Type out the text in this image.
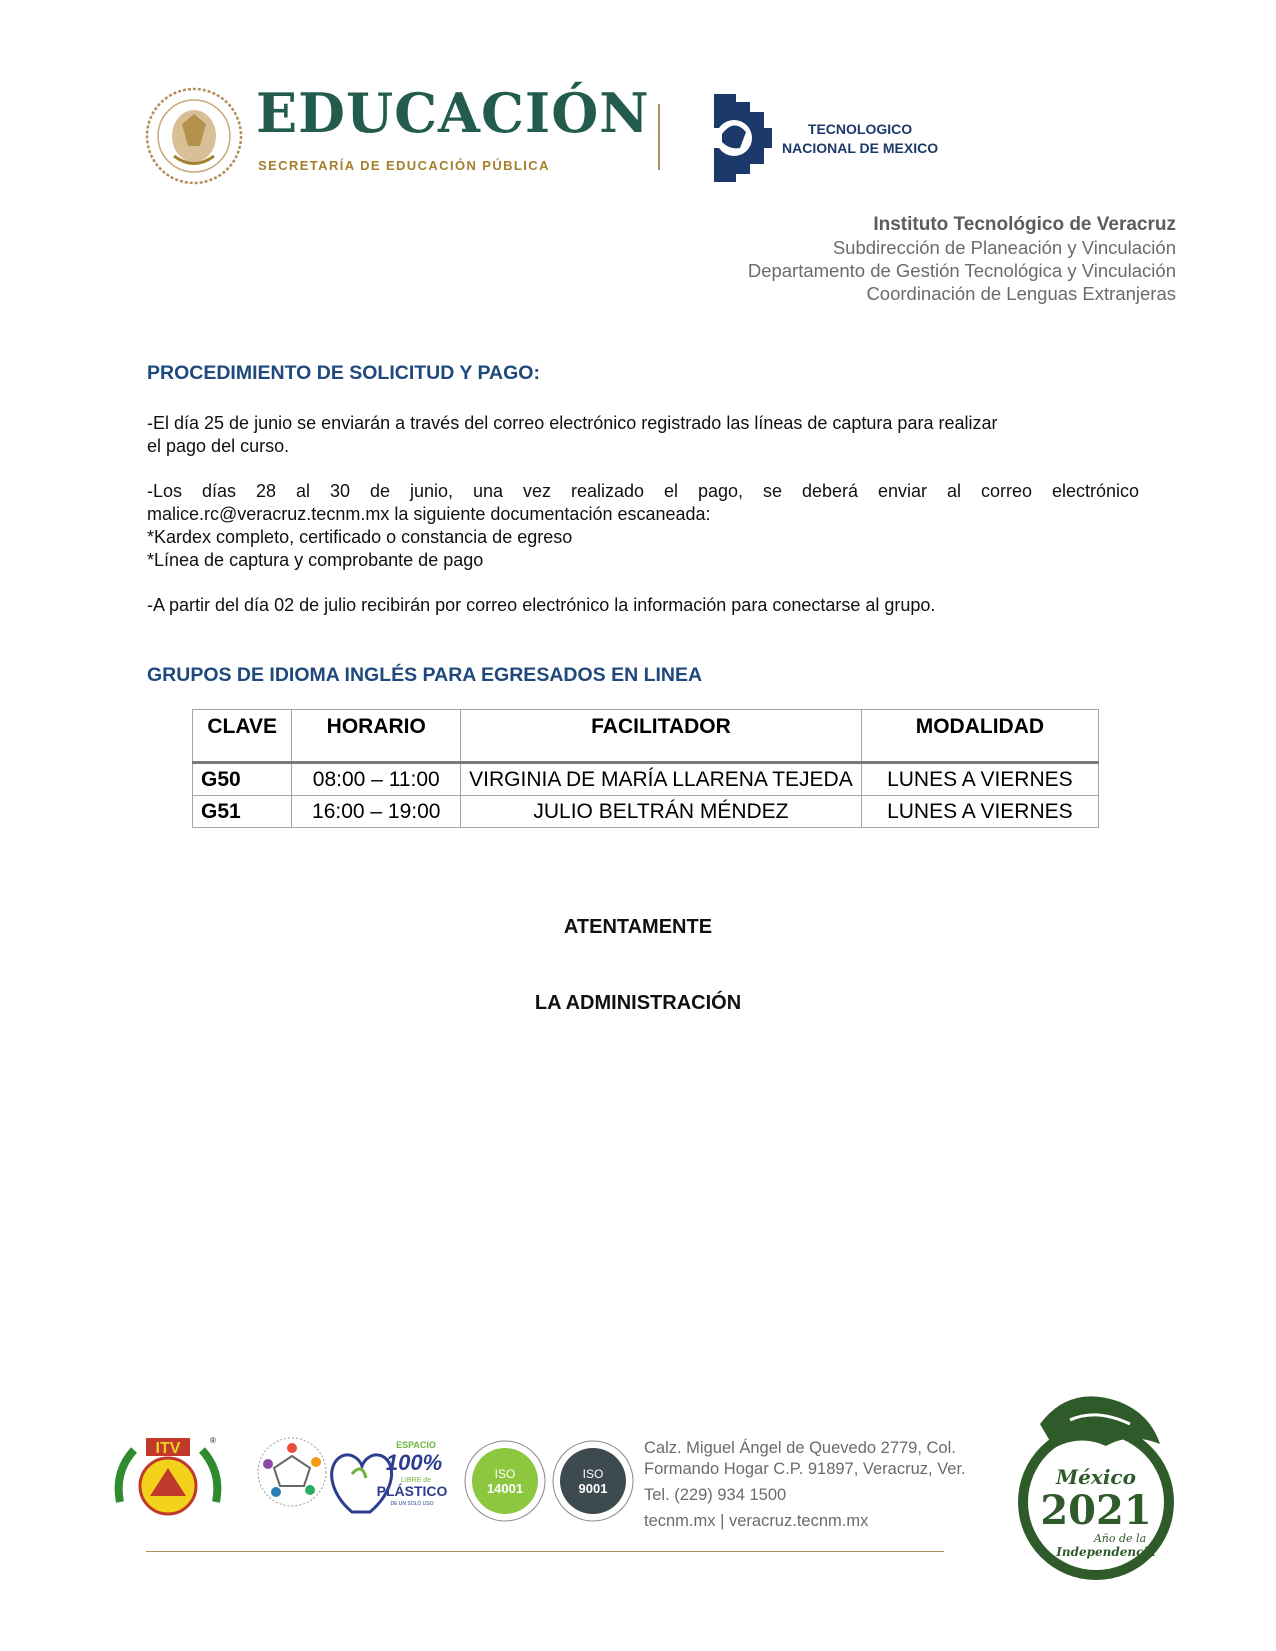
EDUCACIÓN
SECRETARÍA DE EDUCACIÓN PÚBLICA
TECNOLOGICO
NACIONAL DE MEXICO
Instituto Tecnológico de Veracruz
Subdirección de Planeación y Vinculación
Departamento de Gestión Tecnológica y Vinculación
Coordinación de Lenguas Extranjeras
PROCEDIMIENTO DE SOLICITUD Y PAGO:
-El día 25 de junio se enviarán a través del correo electrónico registrado las líneas de captura para realizar
el pago del curso.
-Los días 28 al 30 de junio, una vez realizado el pago, se deberá enviar al correo electrónico
malice.rc@veracruz.tecnm.mx la siguiente documentación escaneada:
*Kardex completo, certificado o constancia de egreso
*Línea de captura y comprobante de pago
-A partir del día 02 de julio recibirán por correo electrónico la información para conectarse al grupo.
GRUPOS DE IDIOMA INGLÉS PARA EGRESADOS EN LINEA
CLAVE	HORARIO	FACILITADOR	MODALIDAD
G50	08:00 – 11:00	VIRGINIA DE MARÍA LLARENA TEJEDA	LUNES A VIERNES
G51	16:00 – 19:00	JULIO BELTRÁN MÉNDEZ	LUNES A VIERNES
ATENTAMENTE
LA ADMINISTRACIÓN
ITV	®	ESPACIO
100%
LIBRE de
PLÁSTICO
DE UN SOLO USO
ISO
14001
ISO
9001
Calz. Miguel Ángel de Quevedo 2779, Col.
Formando Hogar C.P. 91897, Veracruz, Ver.
Tel. (229) 934 1500
tecnm.mx | veracruz.tecnm.mx
México
2021
Año de la
Independencia
